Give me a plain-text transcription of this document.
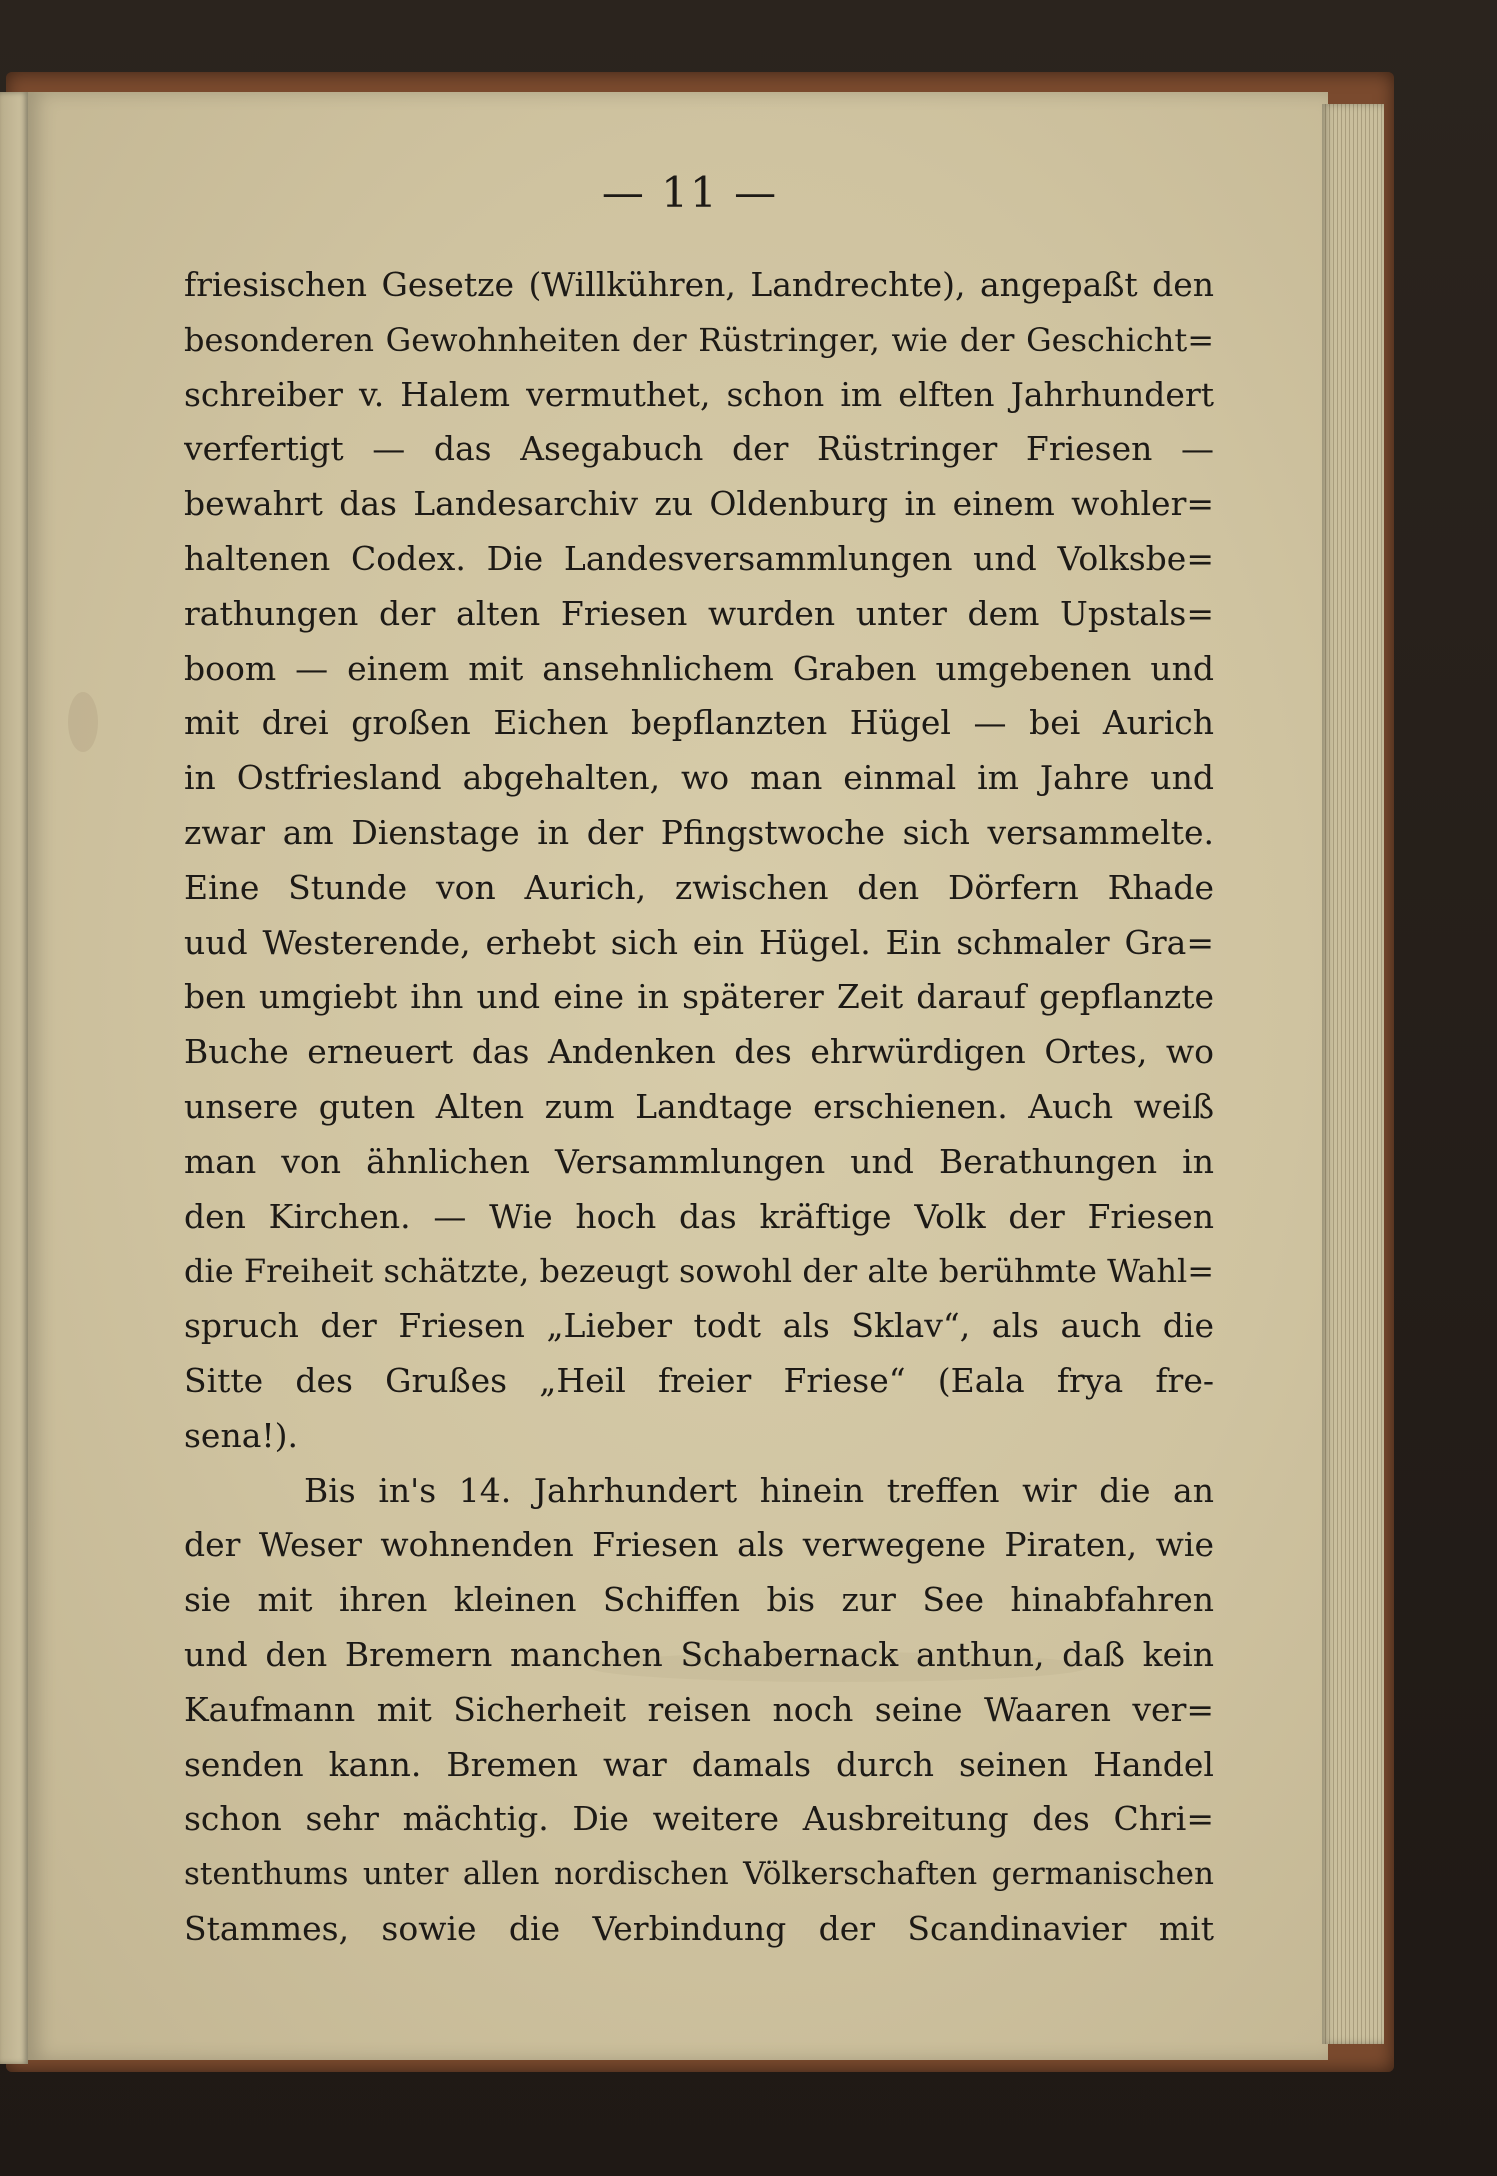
— 11 —
friesischen Gesetze (Willkühren, Landrechte), angepaßt den
besonderen Gewohnheiten der Rüstringer, wie der Geschicht=
schreiber v. Halem vermuthet, schon im elften Jahrhundert
verfertigt — das Asegabuch der Rüstringer Friesen —
bewahrt das Landesarchiv zu Oldenburg in einem wohler=
haltenen Codex. Die Landesversammlungen und Volksbe=
rathungen der alten Friesen wurden unter dem Upstals=
boom — einem mit ansehnlichem Graben umgebenen und
mit drei großen Eichen bepflanzten Hügel — bei Aurich
in Ostfriesland abgehalten, wo man einmal im Jahre und
zwar am Dienstage in der Pfingstwoche sich versammelte.
Eine Stunde von Aurich, zwischen den Dörfern Rhade
uud Westerende, erhebt sich ein Hügel. Ein schmaler Gra=
ben umgiebt ihn und eine in späterer Zeit darauf gepflanzte
Buche erneuert das Andenken des ehrwürdigen Ortes, wo
unsere guten Alten zum Landtage erschienen. Auch weiß
man von ähnlichen Versammlungen und Berathungen in
den Kirchen. — Wie hoch das kräftige Volk der Friesen
die Freiheit schätzte, bezeugt sowohl der alte berühmte Wahl=
spruch der Friesen „Lieber todt als Sklav“, als auch die
Sitte des Grußes „Heil freier Friese“ (Eala frya fre-
sena!).
Bis in's 14. Jahrhundert hinein treffen wir die an
der Weser wohnenden Friesen als verwegene Piraten, wie
sie mit ihren kleinen Schiffen bis zur See hinabfahren
und den Bremern manchen Schabernack anthun, daß kein
Kaufmann mit Sicherheit reisen noch seine Waaren ver=
senden kann. Bremen war damals durch seinen Handel
schon sehr mächtig. Die weitere Ausbreitung des Chri=
stenthums unter allen nordischen Völkerschaften germanischen
Stammes, sowie die Verbindung der Scandinavier mit
